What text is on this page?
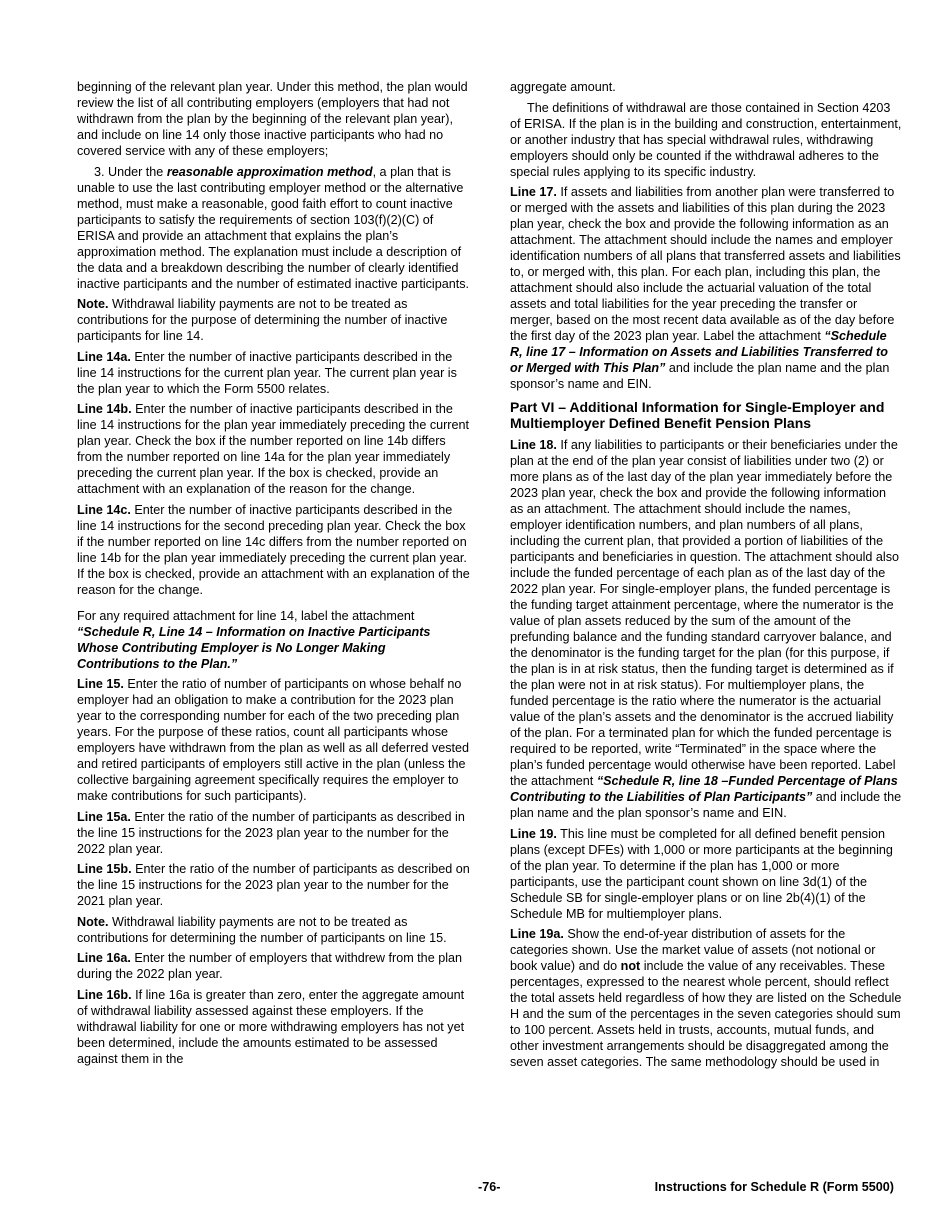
beginning of the relevant plan year. Under this method, the plan would review the list of all contributing employers (employers that had not withdrawn from the plan by the beginning of the relevant plan year), and include on line 14 only those inactive participants who had no covered service with any of these employers;

3. Under the reasonable approximation method, a plan that is unable to use the last contributing employer method or the alternative method, must make a reasonable, good faith effort to count inactive participants to satisfy the requirements of section 103(f)(2)(C) of ERISA and provide an attachment that explains the plan’s approximation method. The explanation must include a description of the data and a breakdown describing the number of clearly identified inactive participants and the number of estimated inactive participants.

Note. Withdrawal liability payments are not to be treated as contributions for the purpose of determining the number of inactive participants for line 14.

Line 14a. Enter the number of inactive participants described in the line 14 instructions for the current plan year. The current plan year is the plan year to which the Form 5500 relates.

Line 14b. Enter the number of inactive participants described in the line 14 instructions for the plan year immediately preceding the current plan year. Check the box if the number reported on line 14b differs from the number reported on line 14a for the plan year immediately preceding the current plan year. If the box is checked, provide an attachment with an explanation of the reason for the change.

Line 14c. Enter the number of inactive participants described in the line 14 instructions for the second preceding plan year. Check the box if the number reported on line 14c differs from the number reported on line 14b for the plan year immediately preceding the current plan year. If the box is checked, provide an attachment with an explanation of the reason for the change.

For any required attachment for line 14, label the attachment “Schedule R, Line 14 – Information on Inactive Participants Whose Contributing Employer is No Longer Making Contributions to the Plan.”

Line 15. Enter the ratio of number of participants on whose behalf no employer had an obligation to make a contribution for the 2023 plan year to the corresponding number for each of the two preceding plan years. For the purpose of these ratios, count all participants whose employers have withdrawn from the plan as well as all deferred vested and retired participants of employers still active in the plan (unless the collective bargaining agreement specifically requires the employer to make contributions for such participants).

Line 15a. Enter the ratio of the number of participants as described in the line 15 instructions for the 2023 plan year to the number for the 2022 plan year.

Line 15b. Enter the ratio of the number of participants as described on the line 15 instructions for the 2023 plan year to the number for the 2021 plan year.

Note. Withdrawal liability payments are not to be treated as contributions for determining the number of participants on line 15.

Line 16a. Enter the number of employers that withdrew from the plan during the 2022 plan year.

Line 16b. If line 16a is greater than zero, enter the aggregate amount of withdrawal liability assessed against these employers. If the withdrawal liability for one or more withdrawing employers has not yet been determined, include the amounts estimated to be assessed against them in the

aggregate amount.

The definitions of withdrawal are those contained in Section 4203 of ERISA. If the plan is in the building and construction, entertainment, or another industry that has special withdrawal rules, withdrawing employers should only be counted if the withdrawal adheres to the special rules applying to its specific industry.

Line 17. If assets and liabilities from another plan were transferred to or merged with the assets and liabilities of this plan during the 2023 plan year, check the box and provide the following information as an attachment. The attachment should include the names and employer identification numbers of all plans that transferred assets and liabilities to, or merged with, this plan. For each plan, including this plan, the attachment should also include the actuarial valuation of the total assets and total liabilities for the year preceding the transfer or merger, based on the most recent data available as of the day before the first day of the 2023 plan year. Label the attachment “Schedule R, line 17 – Information on Assets and Liabilities Transferred to or Merged with This Plan” and include the plan name and the plan sponsor’s name and EIN.

Part VI – Additional Information for Single-Employer and Multiemployer Defined Benefit Pension Plans

Line 18. If any liabilities to participants or their beneficiaries under the plan at the end of the plan year consist of liabilities under two (2) or more plans as of the last day of the plan year immediately before the 2023 plan year, check the box and provide the following information as an attachment. The attachment should include the names, employer identification numbers, and plan numbers of all plans, including the current plan, that provided a portion of liabilities of the participants and beneficiaries in question. The attachment should also include the funded percentage of each plan as of the last day of the 2022 plan year. For single-employer plans, the funded percentage is the funding target attainment percentage, where the numerator is the value of plan assets reduced by the sum of the amount of the prefunding balance and the funding standard carryover balance, and the denominator is the funding target for the plan (for this purpose, if the plan is in at risk status, then the funding target is determined as if the plan were not in at risk status). For multiemployer plans, the funded percentage is the ratio where the numerator is the actuarial value of the plan’s assets and the denominator is the accrued liability of the plan. For a terminated plan for which the funded percentage is required to be reported, write “Terminated” in the space where the plan’s funded percentage would otherwise have been reported. Label the attachment “Schedule R, line 18 –Funded Percentage of Plans Contributing to the Liabilities of Plan Participants” and include the plan name and the plan sponsor’s name and EIN.

Line 19. This line must be completed for all defined benefit pension plans (except DFEs) with 1,000 or more participants at the beginning of the plan year. To determine if the plan has 1,000 or more participants, use the participant count shown on line 3d(1) of the Schedule SB for single-employer plans or on line 2b(4)(1) of the Schedule MB for multiemployer plans.

Line 19a. Show the end-of-year distribution of assets for the categories shown. Use the market value of assets (not notional or book value) and do not include the value of any receivables. These percentages, expressed to the nearest whole percent, should reflect the total assets held regardless of how they are listed on the Schedule H and the sum of the percentages in the seven categories should sum to 100 percent. Assets held in trusts, accounts, mutual funds, and other investment arrangements should be disaggregated among the seven asset categories. The same methodology should be used in

-76-	Instructions for Schedule R (Form 5500)
